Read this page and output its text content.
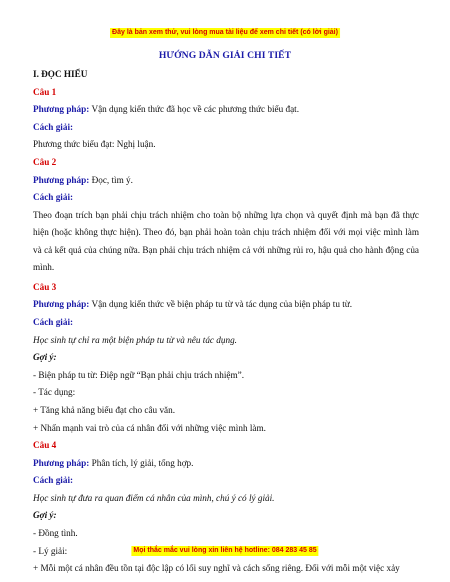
Đây là bản xem thử, vui lòng mua tài liệu để xem chi tiết (có lời giải)
HƯỚNG DẪN GIẢI CHI TIẾT

I. ĐỌC HIỂU

Câu 1

Phương pháp: Vận dụng kiến thức đã học về các phương thức biểu đạt.

Cách giải:

Phương thức biểu đạt: Nghị luận.

Câu 2

Phương pháp: Đọc, tìm ý.

Cách giải:

Theo đoạn trích bạn phải chịu trách nhiệm cho toàn bộ những lựa chọn và quyết định mà bạn đã thực hiện (hoặc không thực hiện). Theo đó, bạn phải hoàn toàn chịu trách nhiệm đối với mọi việc mình làm và cả kết quả của chúng nữa. Bạn phải chịu trách nhiệm cả với những rủi ro, hậu quả cho hành động của mình.

Câu 3

Phương pháp: Vận dụng kiến thức về biện pháp tu từ và tác dụng của biện pháp tu từ.

Cách giải:

Học sinh tự chỉ ra một biện pháp tu từ và nêu tác dụng.

Gợi ý:

- Biện pháp tu từ: Điệp ngữ “Bạn phải chịu trách nhiệm”.

- Tác dụng:

+ Tăng khả năng biểu đạt cho câu văn.

+ Nhấn mạnh vai trò của cá nhân đối với những việc mình làm.

Câu 4

Phương pháp: Phân tích, lý giải, tổng hợp.

Cách giải:

Học sinh tự đưa ra quan điểm cá nhân của mình, chú ý có lý giải.

Gợi ý:

- Đồng tình.

- Lý giải:

+ Mỗi một cá nhân đều tồn tại độc lập có lối suy nghĩ và cách sống riêng. Đối với mỗi một việc xảy

Mọi thắc mắc vui lòng xin liên hệ hotline: 084 283 45 85
